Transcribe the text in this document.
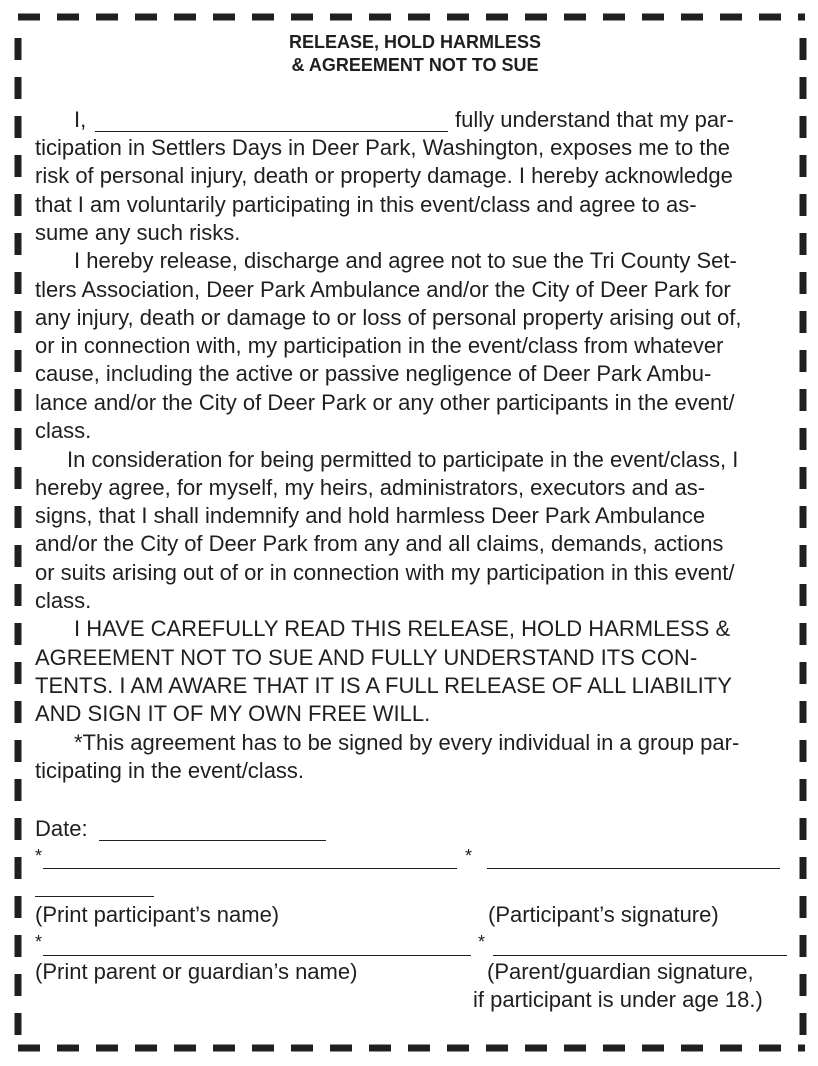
RELEASE, HOLD HARMLESS
& AGREEMENT NOT TO SUE
I,	fully understand that my par-
ticipation in Settlers Days in Deer Park, Washington, exposes me to the
risk of personal injury, death or property damage. I hereby acknowledge
that I am voluntarily participating in this event/class and agree to as-
sume any such risks.
I hereby release, discharge and agree not to sue the Tri County Set-
tlers Association, Deer Park Ambulance and/or the City of Deer Park for
any injury, death or damage to or loss of personal property arising out of,
or in connection with, my participation in the event/class from whatever
cause, including the active or passive negligence of Deer Park Ambu-
lance and/or the City of Deer Park or any other participants in the event/
class.
In consideration for being permitted to participate in the event/class, I
hereby agree, for myself, my heirs, administrators, executors and as-
signs, that I shall indemnify and hold harmless Deer Park Ambulance
and/or the City of Deer Park from any and all claims, demands, actions
or suits arising out of or in connection with my participation in this event/
class.
I HAVE CAREFULLY READ THIS RELEASE, HOLD HARMLESS &
AGREEMENT NOT TO SUE AND FULLY UNDERSTAND ITS CON-
TENTS. I AM AWARE THAT IT IS A FULL RELEASE OF ALL LIABILITY
AND SIGN IT OF MY OWN FREE WILL.
*This agreement has to be signed by every individual in a group par-
ticipating in the event/class.
Date:
*	*
(Print participant’s name)	(Participant’s signature)
*	*
(Print parent or guardian’s name)	(Parent/guardian signature,
if participant is under age 18.)
